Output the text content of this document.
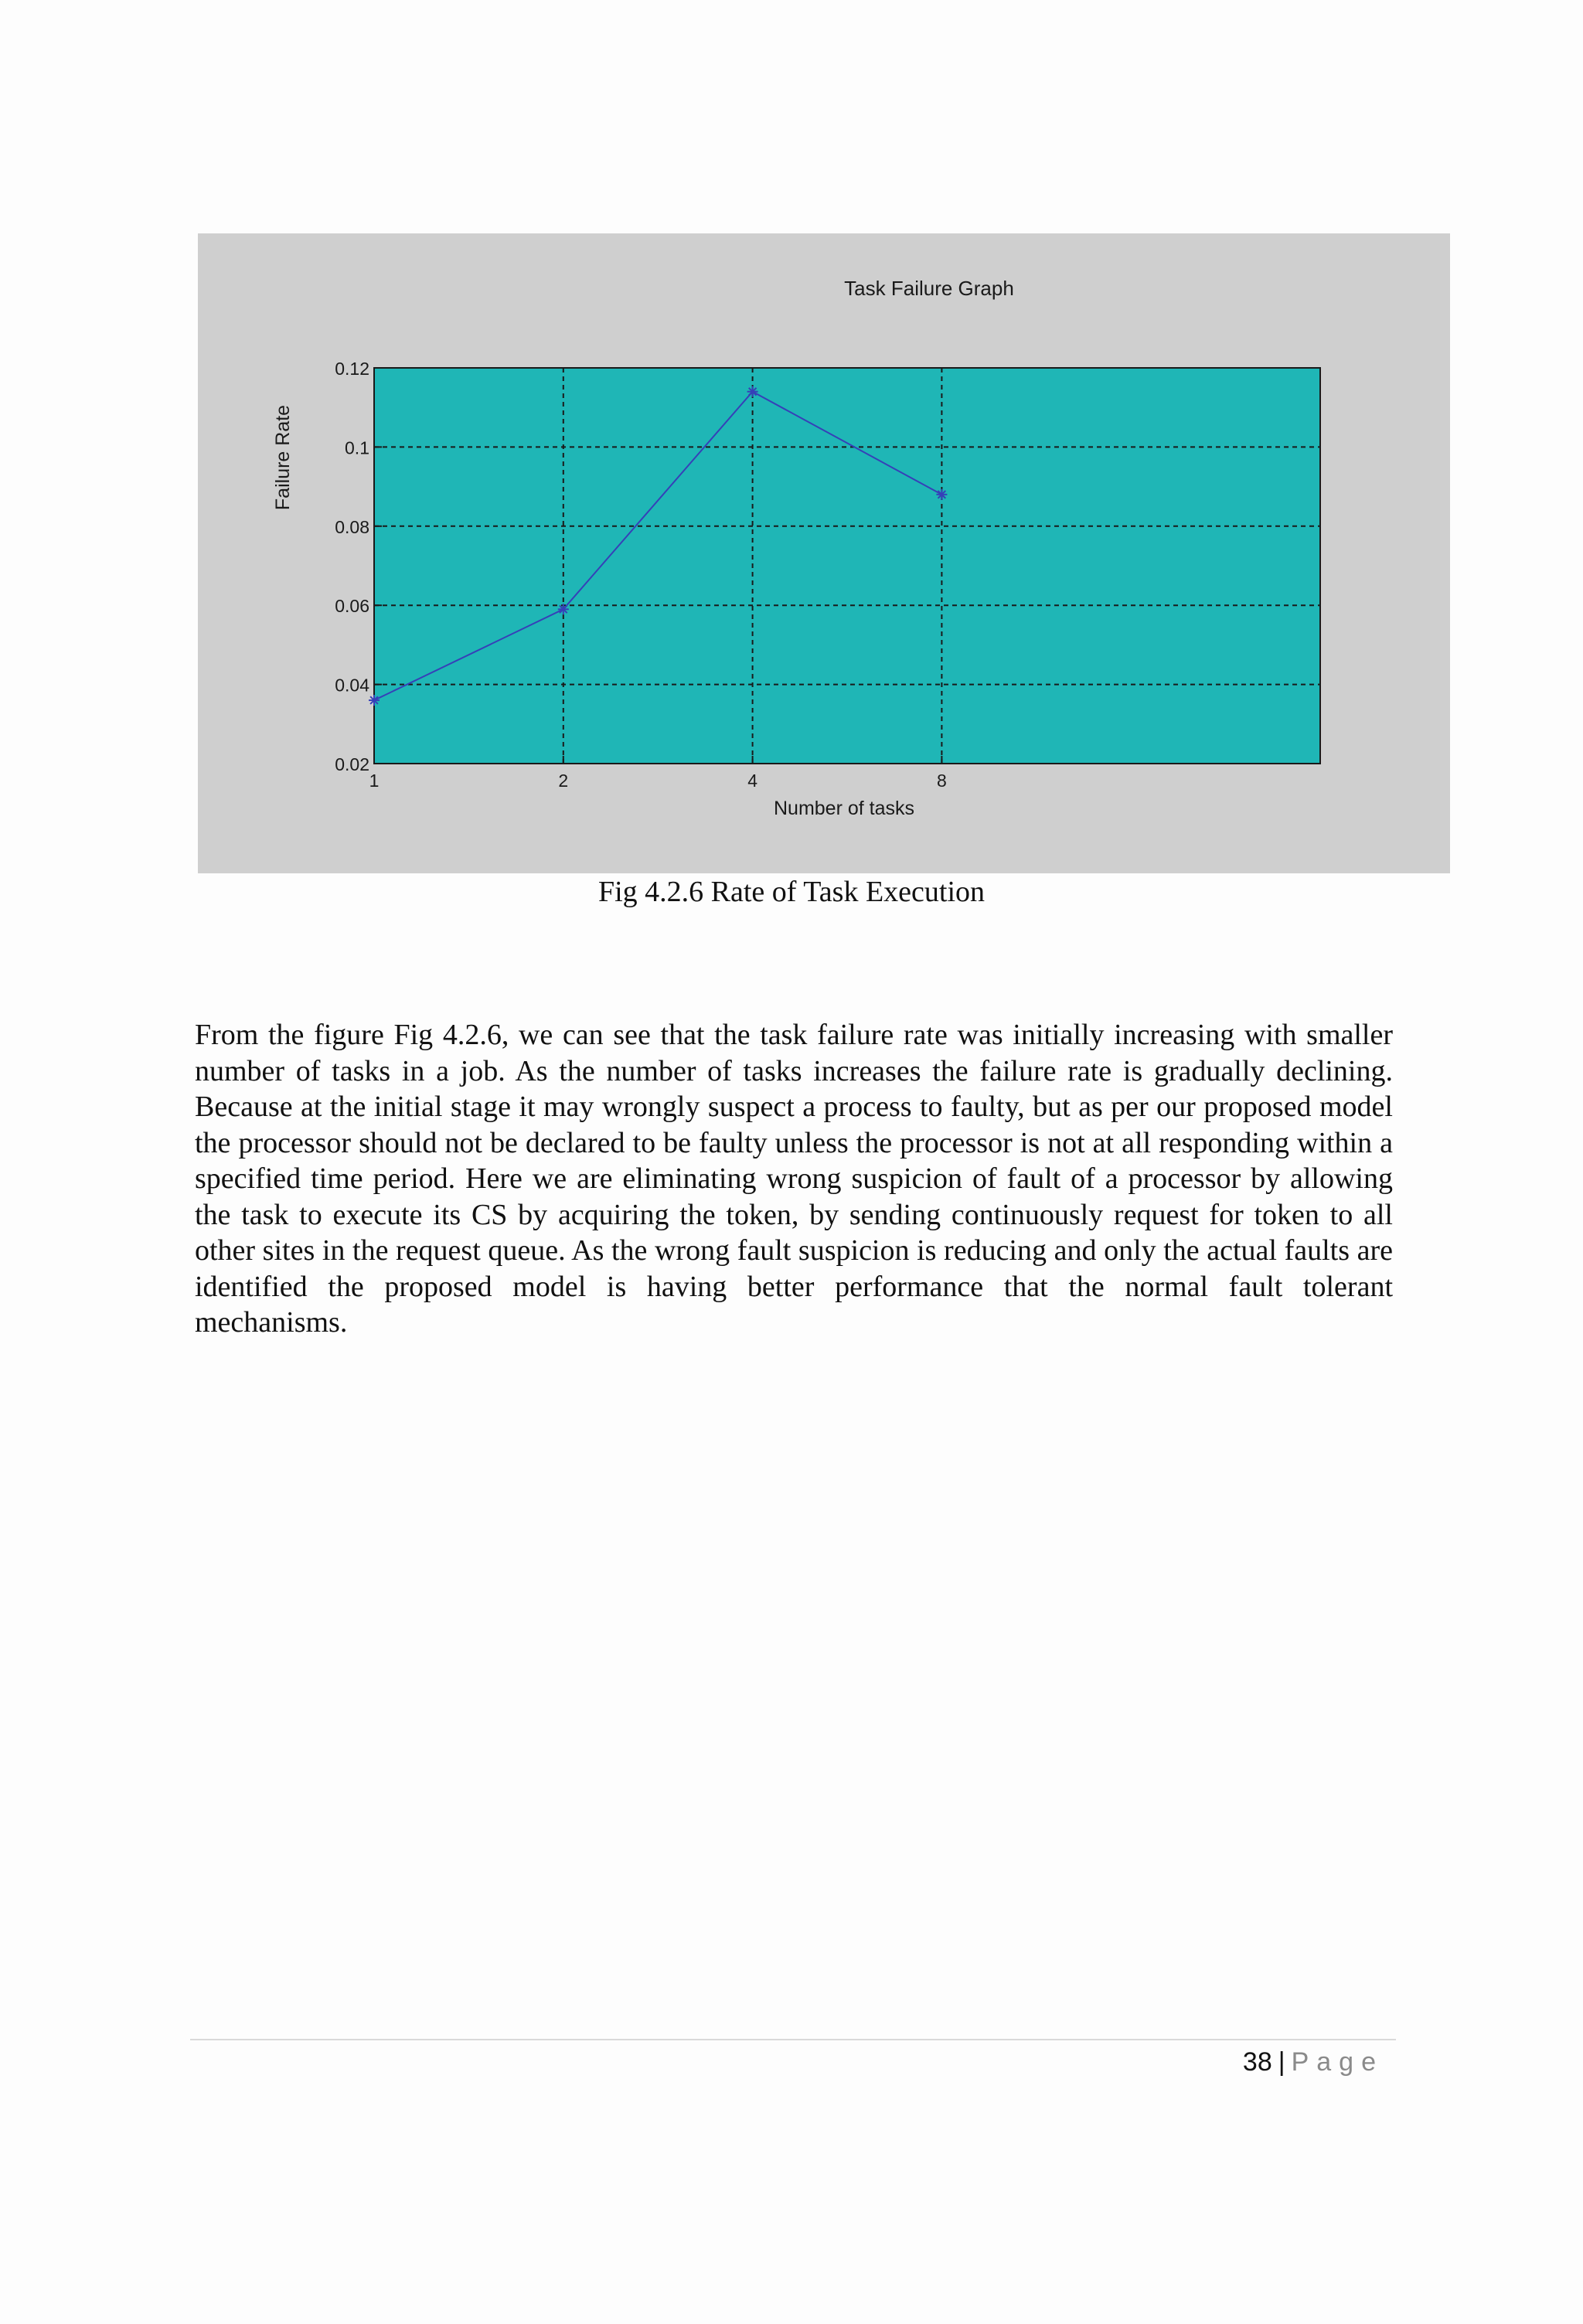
Task Failure Graph
0.02
0.04
0.06
0.08
0.1
0.12
1	2	4	8
Number of tasks
Failure Rate
Fig 4.2.6 Rate of Task Execution

From the figure Fig 4.2.6, we can see that the task failure rate was initially increasing with smaller number of tasks in a job. As the number of tasks increases the failure rate is gradually declining. Because at the initial stage it may wrongly suspect a process to faulty, but as per our proposed model the processor should not be declared to be faulty unless the processor is not at all responding within a specified time period. Here we are eliminating wrong suspicion of fault of a processor by allowing the task to execute its CS by acquiring the token, by sending continuously request for token to all other sites in the request queue. As the wrong fault suspicion is reducing and only the actual faults are identified the proposed model is having better performance that the normal fault tolerant mechanisms.

38 | Page
